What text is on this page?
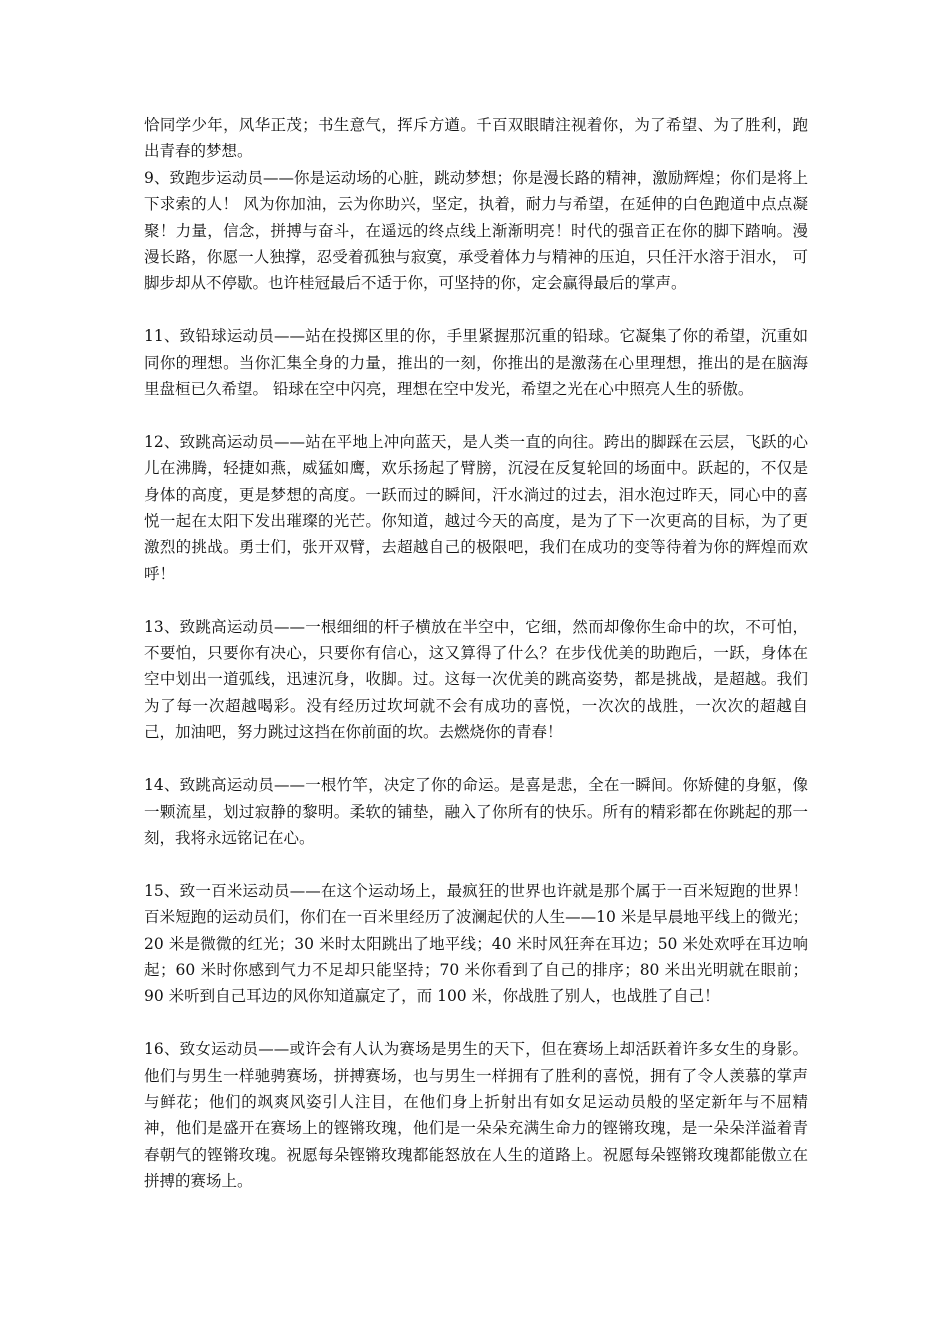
恰同学少年，风华正茂；书生意气，挥斥方遒。千百双眼睛注视着你，为了希望、为了胜利，跑出青春的梦想。

9、致跑步运动员——你是运动场的心脏，跳动梦想；你是漫长路的精神，激励辉煌；你们是将上下求索的人！ 风为你加油，云为你助兴，坚定，执着，耐力与希望，在延伸的白色跑道中点点凝聚！力量，信念，拼搏与奋斗，在遥远的终点线上渐渐明亮！时代的强音正在你的脚下踏响。漫漫长路，你愿一人独撑，忍受着孤独与寂寞，承受着体力与精神的压迫，只任汗水溶于泪水， 可脚步却从不停歇。也许桂冠最后不适于你，可坚持的你，定会赢得最后的掌声。

11、致铅球运动员——站在投掷区里的你，手里紧握那沉重的铅球。它凝集了你的希望，沉重如同你的理想。当你汇集全身的力量，推出的一刻，你推出的是激荡在心里理想，推出的是在脑海里盘桓已久希望。 铅球在空中闪亮，理想在空中发光，希望之光在心中照亮人生的骄傲。

12、致跳高运动员——站在平地上冲向蓝天，是人类一直的向往。跨出的脚踩在云层，飞跃的心儿在沸腾，轻捷如燕，威猛如鹰，欢乐扬起了臂膀，沉浸在反复轮回的场面中。跃起的，不仅是身体的高度，更是梦想的高度。一跃而过的瞬间，汗水淌过的过去，泪水泡过昨天，同心中的喜悦一起在太阳下发出璀璨的光芒。你知道，越过今天的高度，是为了下一次更高的目标，为了更激烈的挑战。勇士们，张开双臂，去超越自己的极限吧，我们在成功的变等待着为你的辉煌而欢呼！

13、致跳高运动员——一根细细的杆子横放在半空中，它细，然而却像你生命中的坎，不可怕，不要怕，只要你有决心，只要你有信心，这又算得了什么？在步伐优美的助跑后，一跃，身体在空中划出一道弧线，迅速沉身，收脚。过。这每一次优美的跳高姿势，都是挑战，是超越。我们为了每一次超越喝彩。没有经历过坎坷就不会有成功的喜悦，一次次的战胜，一次次的超越自己，加油吧，努力跳过这挡在你前面的坎。去燃烧你的青春！

14、致跳高运动员——一根竹竿，决定了你的命运。是喜是悲，全在一瞬间。你矫健的身躯，像一颗流星，划过寂静的黎明。柔软的铺垫，融入了你所有的快乐。所有的精彩都在你跳起的那一刻，我将永远铭记在心。

15、致一百米运动员——在这个运动场上，最疯狂的世界也许就是那个属于一百米短跑的世界！百米短跑的运动员们，你们在一百米里经历了波澜起伏的人生——10 米是早晨地平线上的微光；20 米是微微的红光；30 米时太阳跳出了地平线；40 米时风狂奔在耳边；50 米处欢呼在耳边响起；60 米时你感到气力不足却只能坚持；70 米你看到了自己的排序；80 米出光明就在眼前；90 米听到自己耳边的风你知道赢定了，而 100 米，你战胜了别人，也战胜了自己！

16、致女运动员——或许会有人认为赛场是男生的天下，但在赛场上却活跃着许多女生的身影。他们与男生一样驰骋赛场，拼搏赛场，也与男生一样拥有了胜利的喜悦，拥有了令人羡慕的掌声与鲜花；他们的飒爽风姿引人注目，在他们身上折射出有如女足运动员般的坚定新年与不屈精神，他们是盛开在赛场上的铿锵玫瑰，他们是一朵朵充满生命力的铿锵玫瑰，是一朵朵洋溢着青春朝气的铿锵玫瑰。祝愿每朵铿锵玫瑰都能怒放在人生的道路上。祝愿每朵铿锵玫瑰都能傲立在拼搏的赛场上。
